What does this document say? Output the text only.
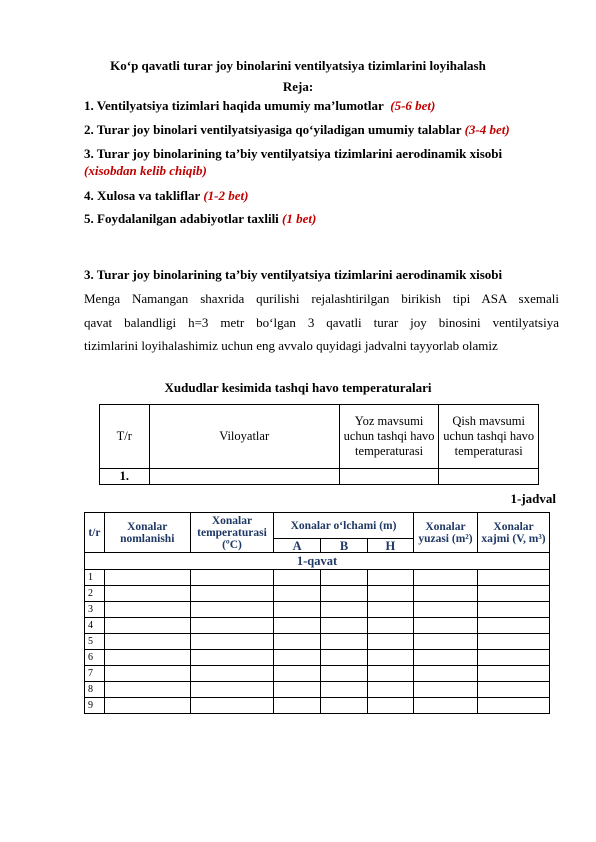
Ko‘p qavatli turar joy binolarini ventilyatsiya tizimlarini loyihalash
Reja:
1. Ventilyatsiya tizimlari haqida umumiy ma’lumotlar (5-6 bet)
2. Turar joy binolari ventilyatsiyasiga qo‘yiladigan umumiy talablar (3-4 bet)
3. Turar joy binolarining ta’biy ventilyatsiya tizimlarini aerodinamik xisobi
(xisobdan kelib chiqib)
4. Xulosa va takliflar (1-2 bet)
5. Foydalanilgan adabiyotlar taxlili (1 bet)
3. Turar joy binolarining ta’biy ventilyatsiya tizimlarini aerodinamik xisobi
Menga Namangan shaxrida qurilishi rejalashtirilgan birikish tipi ASA sxemali
qavat balandligi h=3 metr bo‘lgan 3 qavatli turar joy binosini ventilyatsiya
tizimlarini loyihalashimiz uchun eng avvalo quyidagi jadvalni tayyorlab olamiz
Xududlar kesimida tashqi havo temperaturalari
T/r	Viloyatlar	Yoz mavsumi uchun tashqi havo temperaturasi	Qish mavsumi uchun tashqi havo temperaturasi
1.			
1-jadval
t/r	Xonalar nomlanishi	Xonalar temperaturasi (ºC)	Xonalar o‘lchami (m)			Xonalar yuzasi (m²)	Xonalar xajmi (V, m³)
			A	B	H		
1-qavat							
1							
2							
3							
4							
5							
6							
7							
8							
9							
